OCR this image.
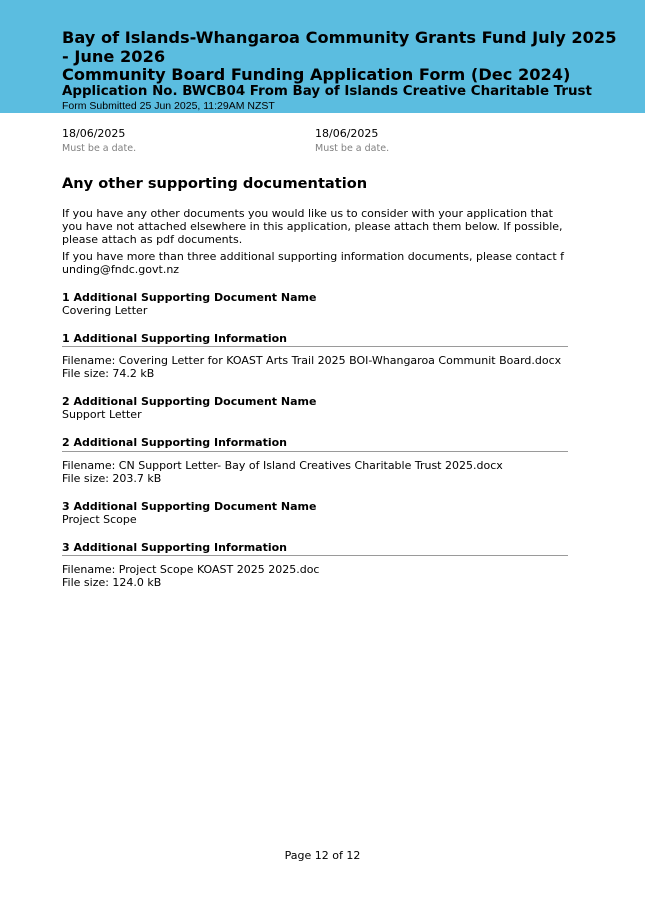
Bay of Islands-Whangaroa Community Grants Fund July 2025 - June 2026
Community Board Funding Application Form (Dec 2024)
Application No. BWCB04 From Bay of Islands Creative Charitable Trust
Form Submitted 25 Jun 2025, 11:29AM NZST
18/06/2025
Must be a date.
18/06/2025
Must be a date.
Any other supporting documentation
If you have any other documents you would like us to consider with your application that you have not attached elsewhere in this application, please attach them below. If possible, please attach as pdf documents.
If you have more than three additional supporting information documents, please contact funding@fndc.govt.nz
1 Additional Supporting Document Name
Covering Letter
1 Additional Supporting Information
Filename: Covering Letter for KOAST Arts Trail 2025 BOI-Whangaroa Communit Board.docx
File size: 74.2 kB
2 Additional Supporting Document Name
Support Letter
2 Additional Supporting Information
Filename: CN Support Letter- Bay of Island Creatives Charitable Trust 2025.docx
File size: 203.7 kB
3 Additional Supporting Document Name
Project Scope
3 Additional Supporting Information
Filename: Project Scope KOAST 2025 2025.doc
File size: 124.0 kB
Page 12 of 12
